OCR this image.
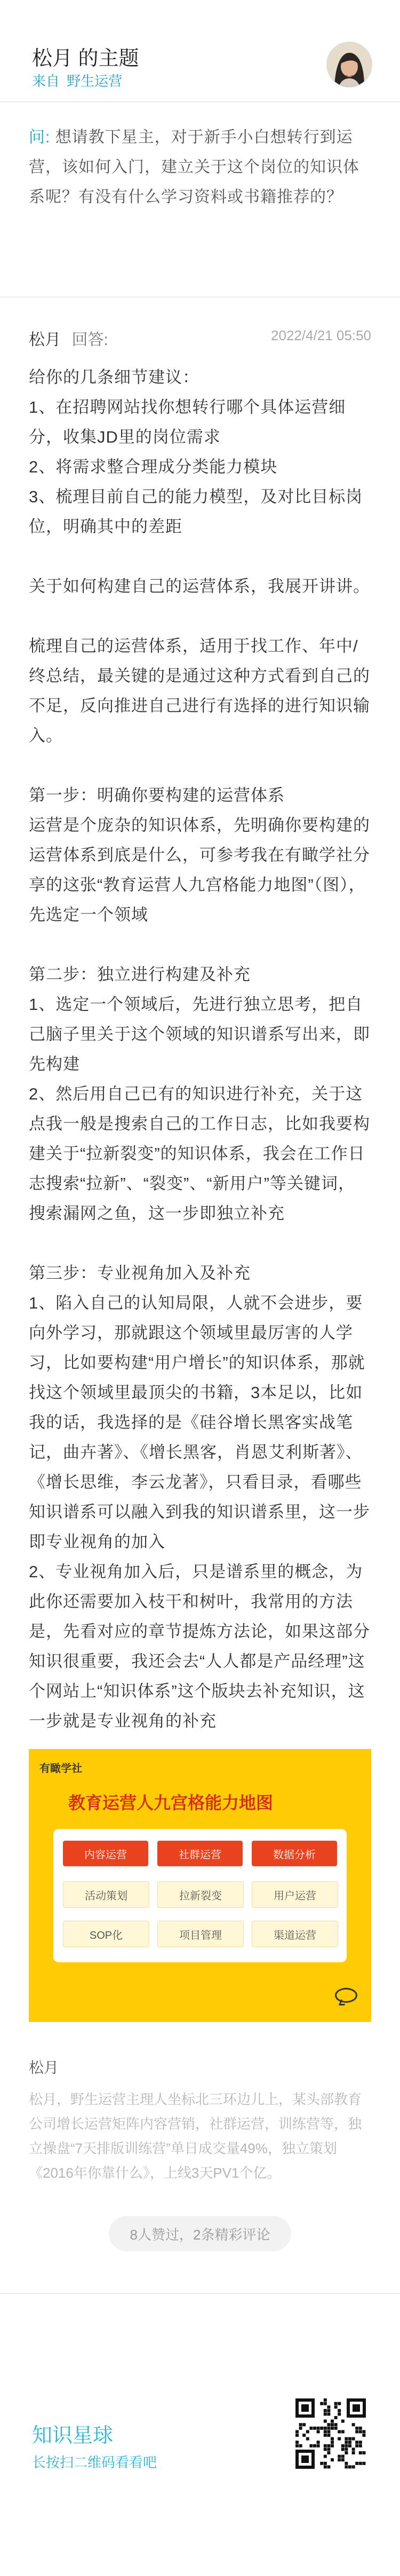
松月 的主题
来自 野生运营
问: 想请教下星主，对于新手小白想转行到运营，该如何入门，建立关于这个岗位的知识体系呢？有没有什么学习资料或书籍推荐的？
松月 回答:	2022/4/21 05:50

给你的几条细节建议：

1、在招聘网站找你想转行哪个具体运营细分，收集JD里的岗位需求

2、将需求整合理成分类能力模块

3、梳理目前自己的能力模型，及对比目标岗位，明确其中的差距

关于如何构建自己的运营体系，我展开讲讲。

梳理自己的运营体系，适用于找工作、年中/终总结，最关键的是通过这种方式看到自己的不足，反向推进自己进行有选择的进行知识输入。

第一步：明确你要构建的运营体系

运营是个庞杂的知识体系，先明确你要构建的运营体系到底是什么，可参考我在有瞰学社分享的这张“教育运营人九宫格能力地图”（图），先选定一个领域

第二步：独立进行构建及补充

1、选定一个领域后，先进行独立思考，把自己脑子里关于这个领域的知识谱系写出来，即先构建

2、然后用自己已有的知识进行补充，关于这点我一般是搜索自己的工作日志，比如我要构建关于“拉新裂变”的知识体系，我会在工作日志搜索“拉新”、“裂变”、“新用户”等关键词，搜索漏网之鱼，这一步即独立补充

第三步：专业视角加入及补充

1、陷入自己的认知局限，人就不会进步，要向外学习，那就跟这个领域里最厉害的人学习，比如要构建“用户增长”的知识体系，那就找这个领域里最顶尖的书籍，3本足以，比如我的话，我选择的是《硅谷增长黑客实战笔记，曲卉著》、《增长黑客，肖恩艾利斯著》、《增长思维，李云龙著》，只看目录，看哪些知识谱系可以融入到我的知识谱系里，这一步即专业视角的加入

2、专业视角加入后，只是谱系里的概念，为此你还需要加入枝干和树叶，我常用的方法是，先看对应的章节提炼方法论，如果这部分知识很重要，我还会去“人人都是产品经理”这个网站上“知识体系”这个版块去补充知识，这一步就是专业视角的补充

有瞰学社
教育运营人九宫格能力地图
内容运营	社群运营	数据分析
活动策划	拉新裂变	用户运营
SOP化	项目管理	渠道运营
松月
松月，野生运营主理人坐标北三环边儿上，某头部教育公司增长运营矩阵内容营销，社群运营，训练营等，独立操盘“7天排版训练营”单日成交量49%，独立策划《2016年你靠什么》，上线3天PV1个亿。
8人赞过，2条精彩评论
知识星球
长按扫二维码看看吧
